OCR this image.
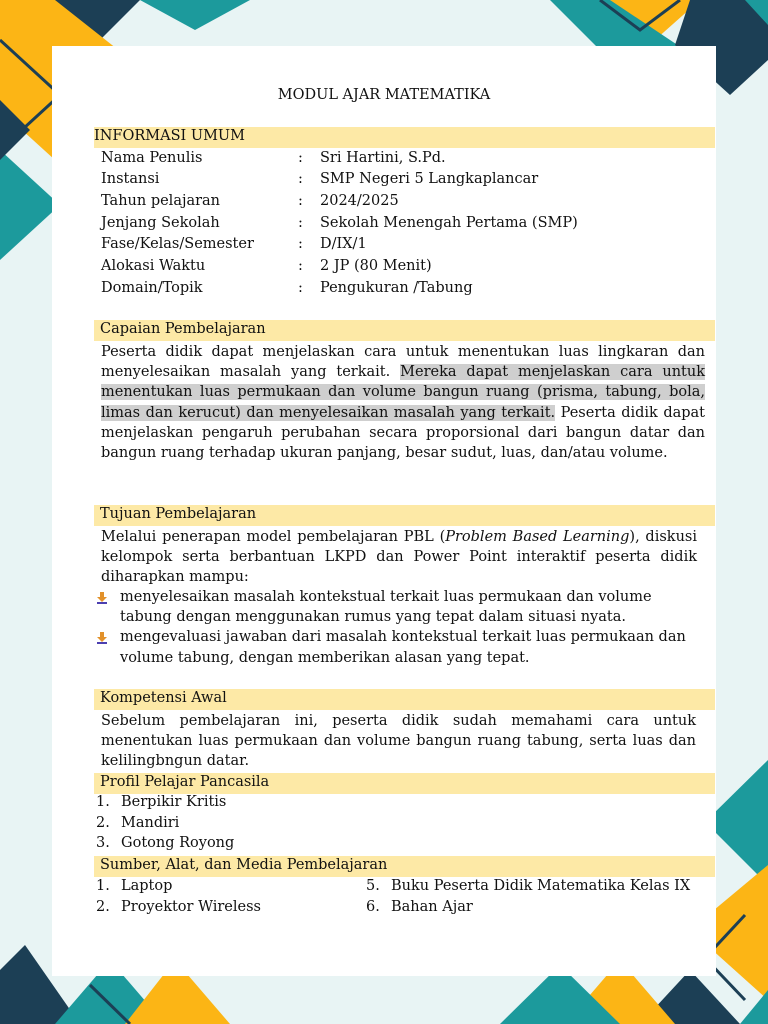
MODUL AJAR MATEMATIKA
INFORMASI UMUM
Nama Penulis	: Sri Hartini, S.Pd.
Instansi	: SMP Negeri 5 Langkaplancar
Tahun pelajaran	: 2024/2025
Jenjang Sekolah	: Sekolah Menengah Pertama (SMP)
Fase/Kelas/Semester	: D/IX/1
Alokasi Waktu	: 2 JP (80 Menit)
Domain/Topik	: Pengukuran /Tabung
Capaian Pembelajaran

Peserta didik dapat menjelaskan cara untuk menentukan luas lingkaran dan menyelesaikan masalah yang terkait. Mereka dapat menjelaskan cara untuk menentukan luas permukaan dan volume bangun ruang (prisma, tabung, bola, limas dan kerucut) dan menyelesaikan masalah yang terkait. Peserta didik dapat menjelaskan pengaruh perubahan secara proporsional dari bangun datar dan bangun ruang terhadap ukuran panjang, besar sudut, luas, dan/atau volume.

Tujuan Pembelajaran

Melalui penerapan model pembelajaran PBL (Problem Based Learning), diskusi kelompok serta berbantuan LKPD dan Power Point interaktif peserta didik diharapkan mampu:

menyelesaikan masalah kontekstual terkait luas permukaan dan volume tabung dengan menggunakan rumus yang tepat dalam situasi nyata.
mengevaluasi jawaban dari masalah kontekstual terkait luas permukaan dan volume tabung, dengan memberikan alasan yang tepat.
Kompetensi Awal

Sebelum pembelajaran ini, peserta didik sudah memahami cara untuk menentukan luas permukaan dan volume bangun ruang tabung, serta luas dan kelilingbngun datar.

Profil Pelajar Pancasila
1. Berpikir Kritis
2. Mandiri
3. Gotong Royong
Sumber, Alat, dan Media Pembelajaran
1. Laptop
2. Proyektor Wireless
5. Buku Peserta Didik Matematika Kelas IX
6. Bahan Ajar
